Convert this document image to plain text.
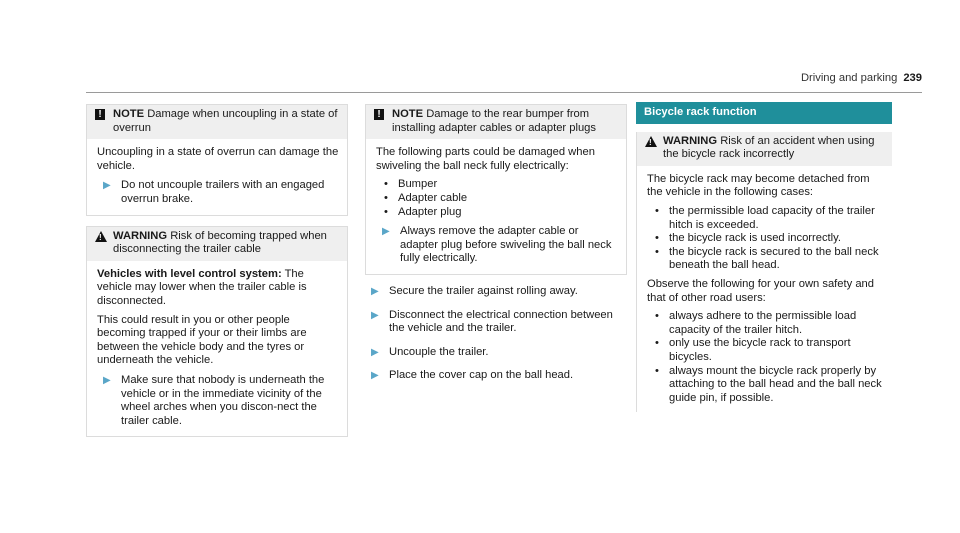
Driving and parking 239
!	NOTE Damage when uncoupling in a state of overrun

Uncoupling in a state of overrun can damage the vehicle.

▶ Do not uncouple trailers with an engaged overrun brake.
! WARNING Risk of becoming trapped when disconnecting the trailer cable

Vehicles with level control system: The vehicle may lower when the trailer cable is disconnected.

This could result in you or other people becoming trapped if your or their limbs are between the vehicle body and the tyres or underneath the vehicle.

▶ Make sure that nobody is underneath the vehicle or in the immediate vicinity of the wheel arches when you discon-nect the trailer cable.
!	NOTE Damage to the rear bumper from installing adapter cables or adapter plugs

The following parts could be damaged when swiveling the ball neck fully electrically:

• Bumper
• Adapter cable
• Adapter plug
▶ Always remove the adapter cable or adapter plug before swiveling the ball neck fully electrically.
▶ Secure the trailer against rolling away.
▶ Disconnect the electrical connection between the vehicle and the trailer.
▶ Uncouple the trailer.
▶ Place the cover cap on the ball head.
Bicycle rack function
! WARNING Risk of an accident when using the bicycle rack incorrectly

The bicycle rack may become detached from the vehicle in the following cases:

• the permissible load capacity of the trailer hitch is exceeded.
• the bicycle rack is used incorrectly.
• the bicycle rack is secured to the ball neck beneath the ball head.

Observe the following for your own safety and that of other road users:

• always adhere to the permissible load capacity of the trailer hitch.
• only use the bicycle rack to transport bicycles.
• always mount the bicycle rack properly by attaching to the ball head and the ball neck guide pin, if possible.
